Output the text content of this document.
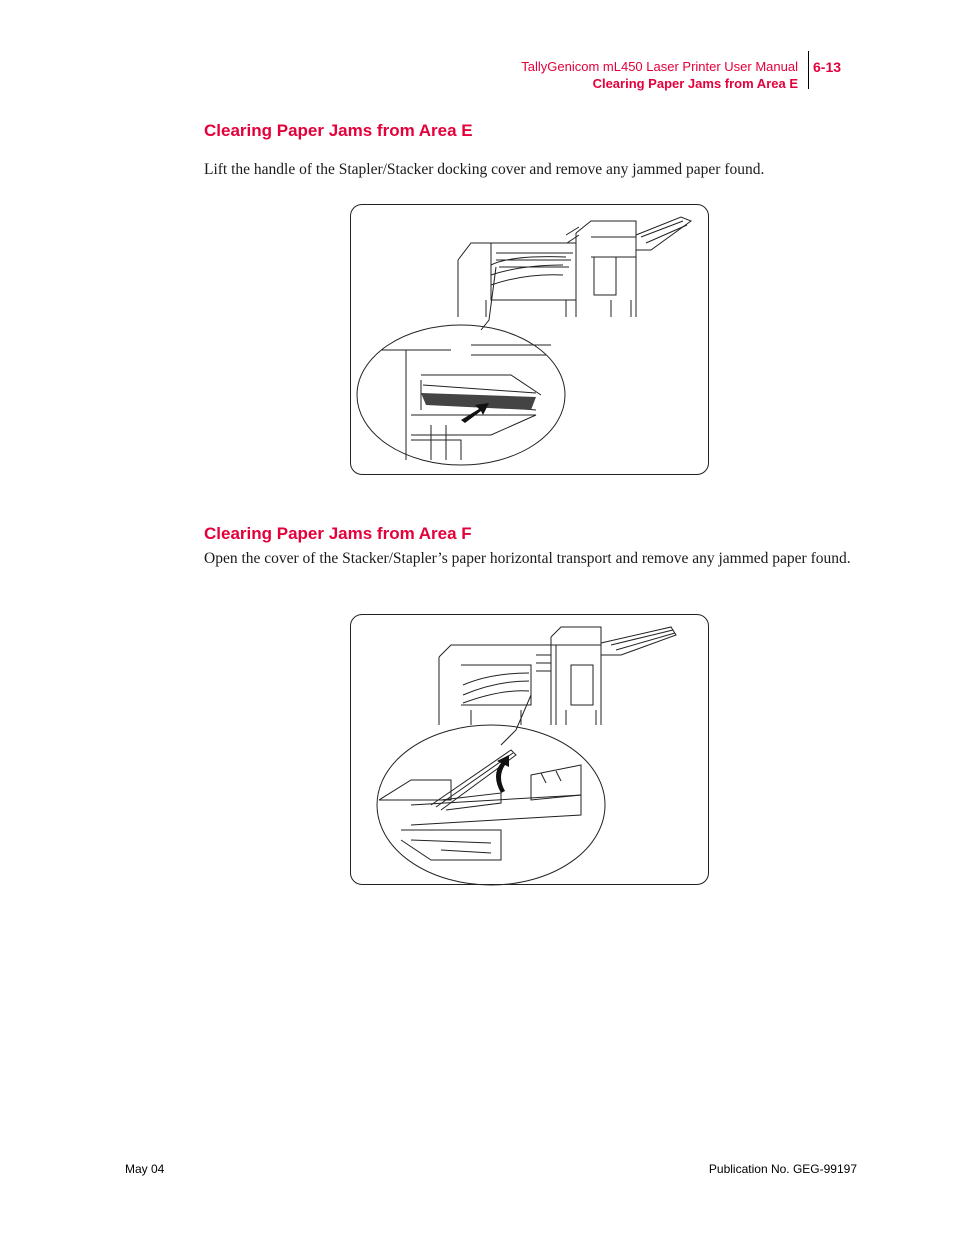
TallyGenicom mL450 Laser Printer User Manual
Clearing Paper Jams from Area E
6-13
Clearing Paper Jams from Area E

Lift the handle of the Stapler/Stacker docking cover and remove any jammed paper found.

Clearing Paper Jams from Area F

Open the cover of the Stacker/Stapler’s paper horizontal transport and remove any jammed paper found.

May 04	Publication No. GEG-99197
